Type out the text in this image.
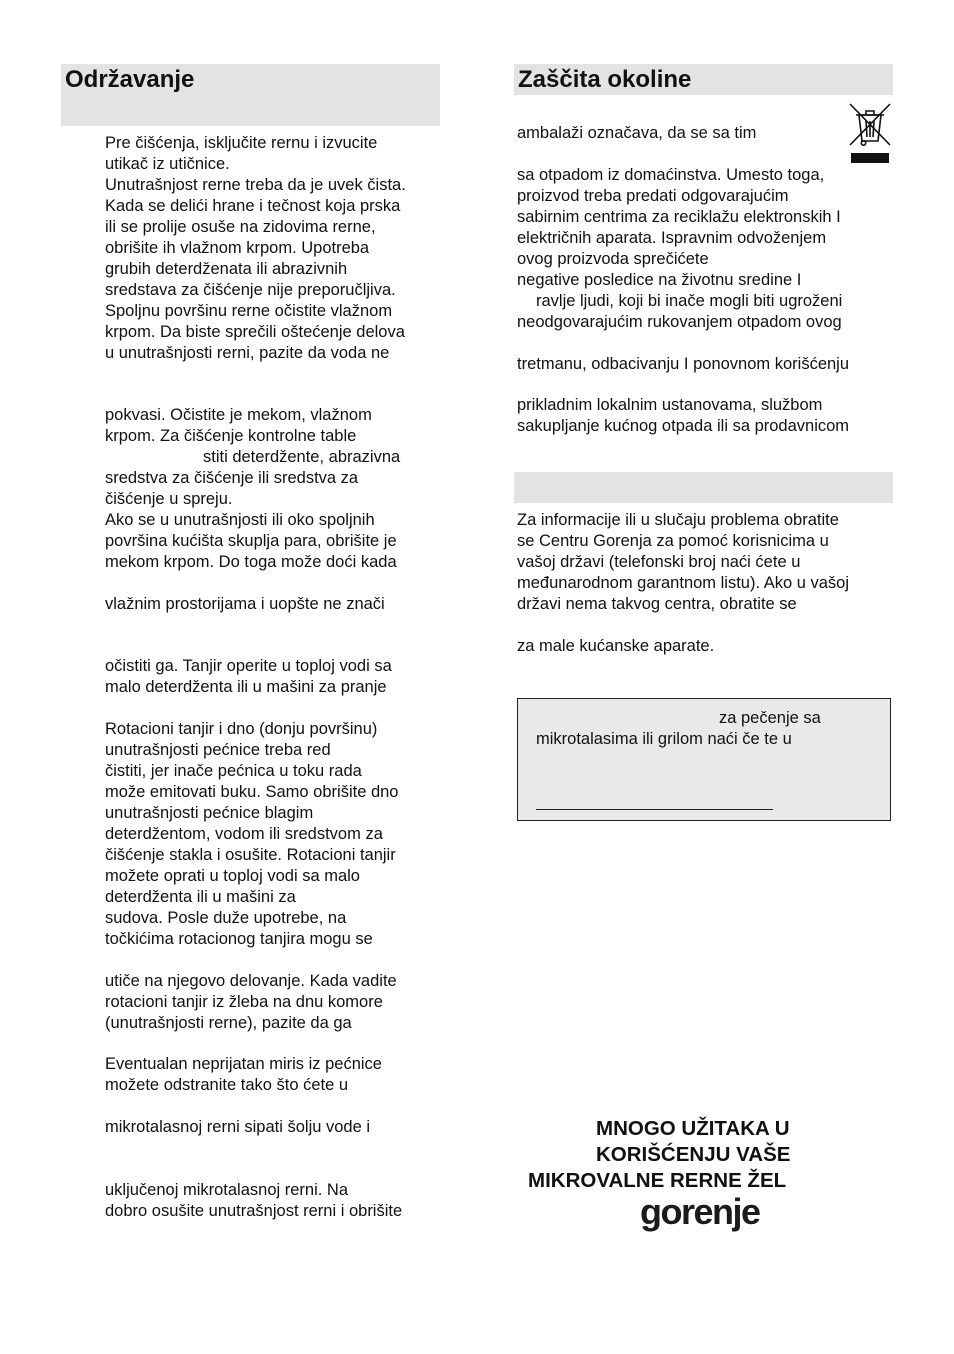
Održavanje
Pre čišćenja, isključite rernu i izvucite
utikač iz utičnice.
Unutrašnjost rerne treba da je uvek čista.
Kada se delići hrane i tečnost koja prska
ili se prolije osuše na zidovima rerne,
obrišite ih vlažnom krpom. Upotreba
grubih deterdženata ili abrazivnih
sredstava za čišćenje nije preporučljiva.
Spoljnu površinu rerne očistite vlažnom
krpom. Da biste sprečili oštećenje delova
u unutrašnjosti rerni, pazite da voda ne
pokvasi. Očistite je mekom, vlažnom
krpom. Za čišćenje kontrolne table
stiti deterdžente, abrazivna
sredstva za čišćenje ili sredstva za
čišćenje u spreju.
Ako se u unutrašnjosti ili oko spoljnih
površina kućišta skuplja para, obrišite je
mekom krpom. Do toga može doći kada
vlažnim prostorijama i uopšte ne znači
očistiti ga. Tanjir operite u toploj vodi sa
malo deterdženta ili u mašini za pranje
Rotacioni tanjir i dno (donju površinu)
unutrašnjosti pećnice treba red
čistiti, jer inače pećnica u toku rada
može emitovati buku. Samo obrišite dno
unutrašnjosti pećnice blagim
deterdžentom, vodom ili sredstvom za
čišćenje stakla i osušite. Rotacioni tanjir
možete oprati u toploj vodi sa malo
deterdženta ili u mašini za
sudova. Posle duže upotrebe, na
točkićima rotacionog tanjira mogu se
utiče na njegovo delovanje. Kada vadite
rotacioni tanjir iz žleba na dnu komore
(unutrašnjosti rerne), pazite da ga
Eventualan neprijatan miris iz pećnice
možete odstranite tako što ćete u
mikrotalasnoj rerni sipati šolju vode i
uključenoj mikrotalasnoj rerni. Na
dobro osušite unutrašnjost rerni i obrišite
Zaščita okoline
ambalaži označava, da se sa tim
sa otpadom iz domaćinstva. Umesto toga,
proizvod treba predati odgovarajućim
sabirnim centrima za reciklažu elektronskih I
električnih aparata. Ispravnim odvoženjem
ovog proizvoda sprečićete
negative posledice na životnu sredine I
ravlje ljudi, koji bi inače mogli biti ugroženi
neodgovarajućim rukovanjem otpadom ovog
tretmanu, odbacivanju I ponovnom korišćenju
prikladnim lokalnim ustanovama, službom
sakupljanje kućnog otpada ili sa prodavnicom
Za informacije ili u slučaju problema obratite
se Centru Gorenja za pomoć korisnicima u
vašoj državi (telefonski broj naći ćete u
međunarodnom garantnom listu). Ako u vašoj
državi nema takvog centra, obratite se
za male kućanske aparate.
za pečenje sa
mikrotalasima ili grilom naći če te u
MNOGO UŽITAKA U
KORIŠĆENJU VAŠE
MIKROVALNE RERNE ŽEL
gorenje
